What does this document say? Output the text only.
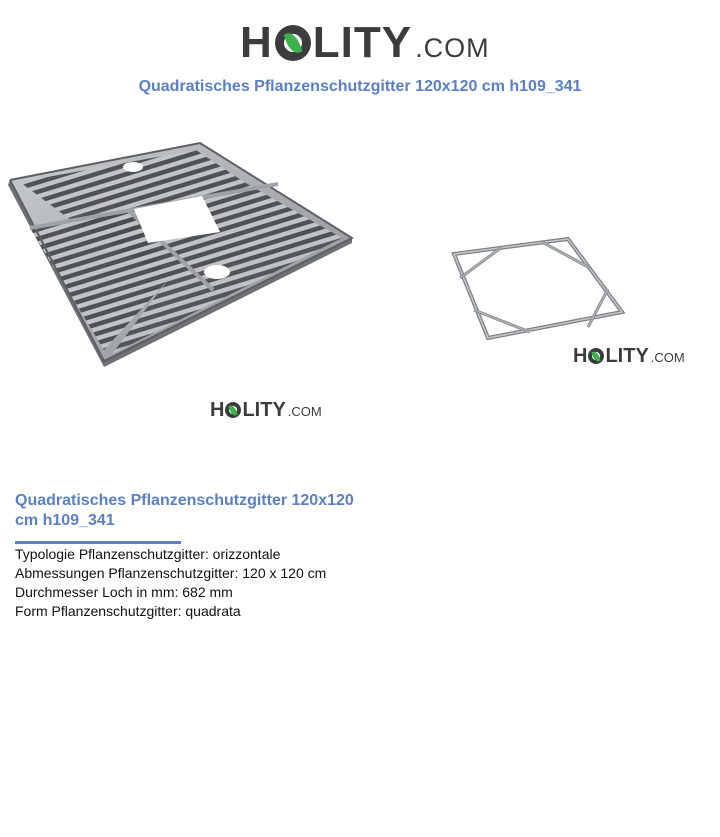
H LITY .COM
Quadratisches Pflanzenschutzgitter 120x120 cm h109_341
H LITY .COM
H LITY .COM
Quadratisches Pflanzenschutzgitter 120x120 cm h109_341
Typologie Pflanzenschutzgitter: orizzontale
Abmessungen Pflanzenschutzgitter: 120 x 120 cm
Durchmesser Loch in mm: 682 mm
Form Pflanzenschutzgitter: quadrata
